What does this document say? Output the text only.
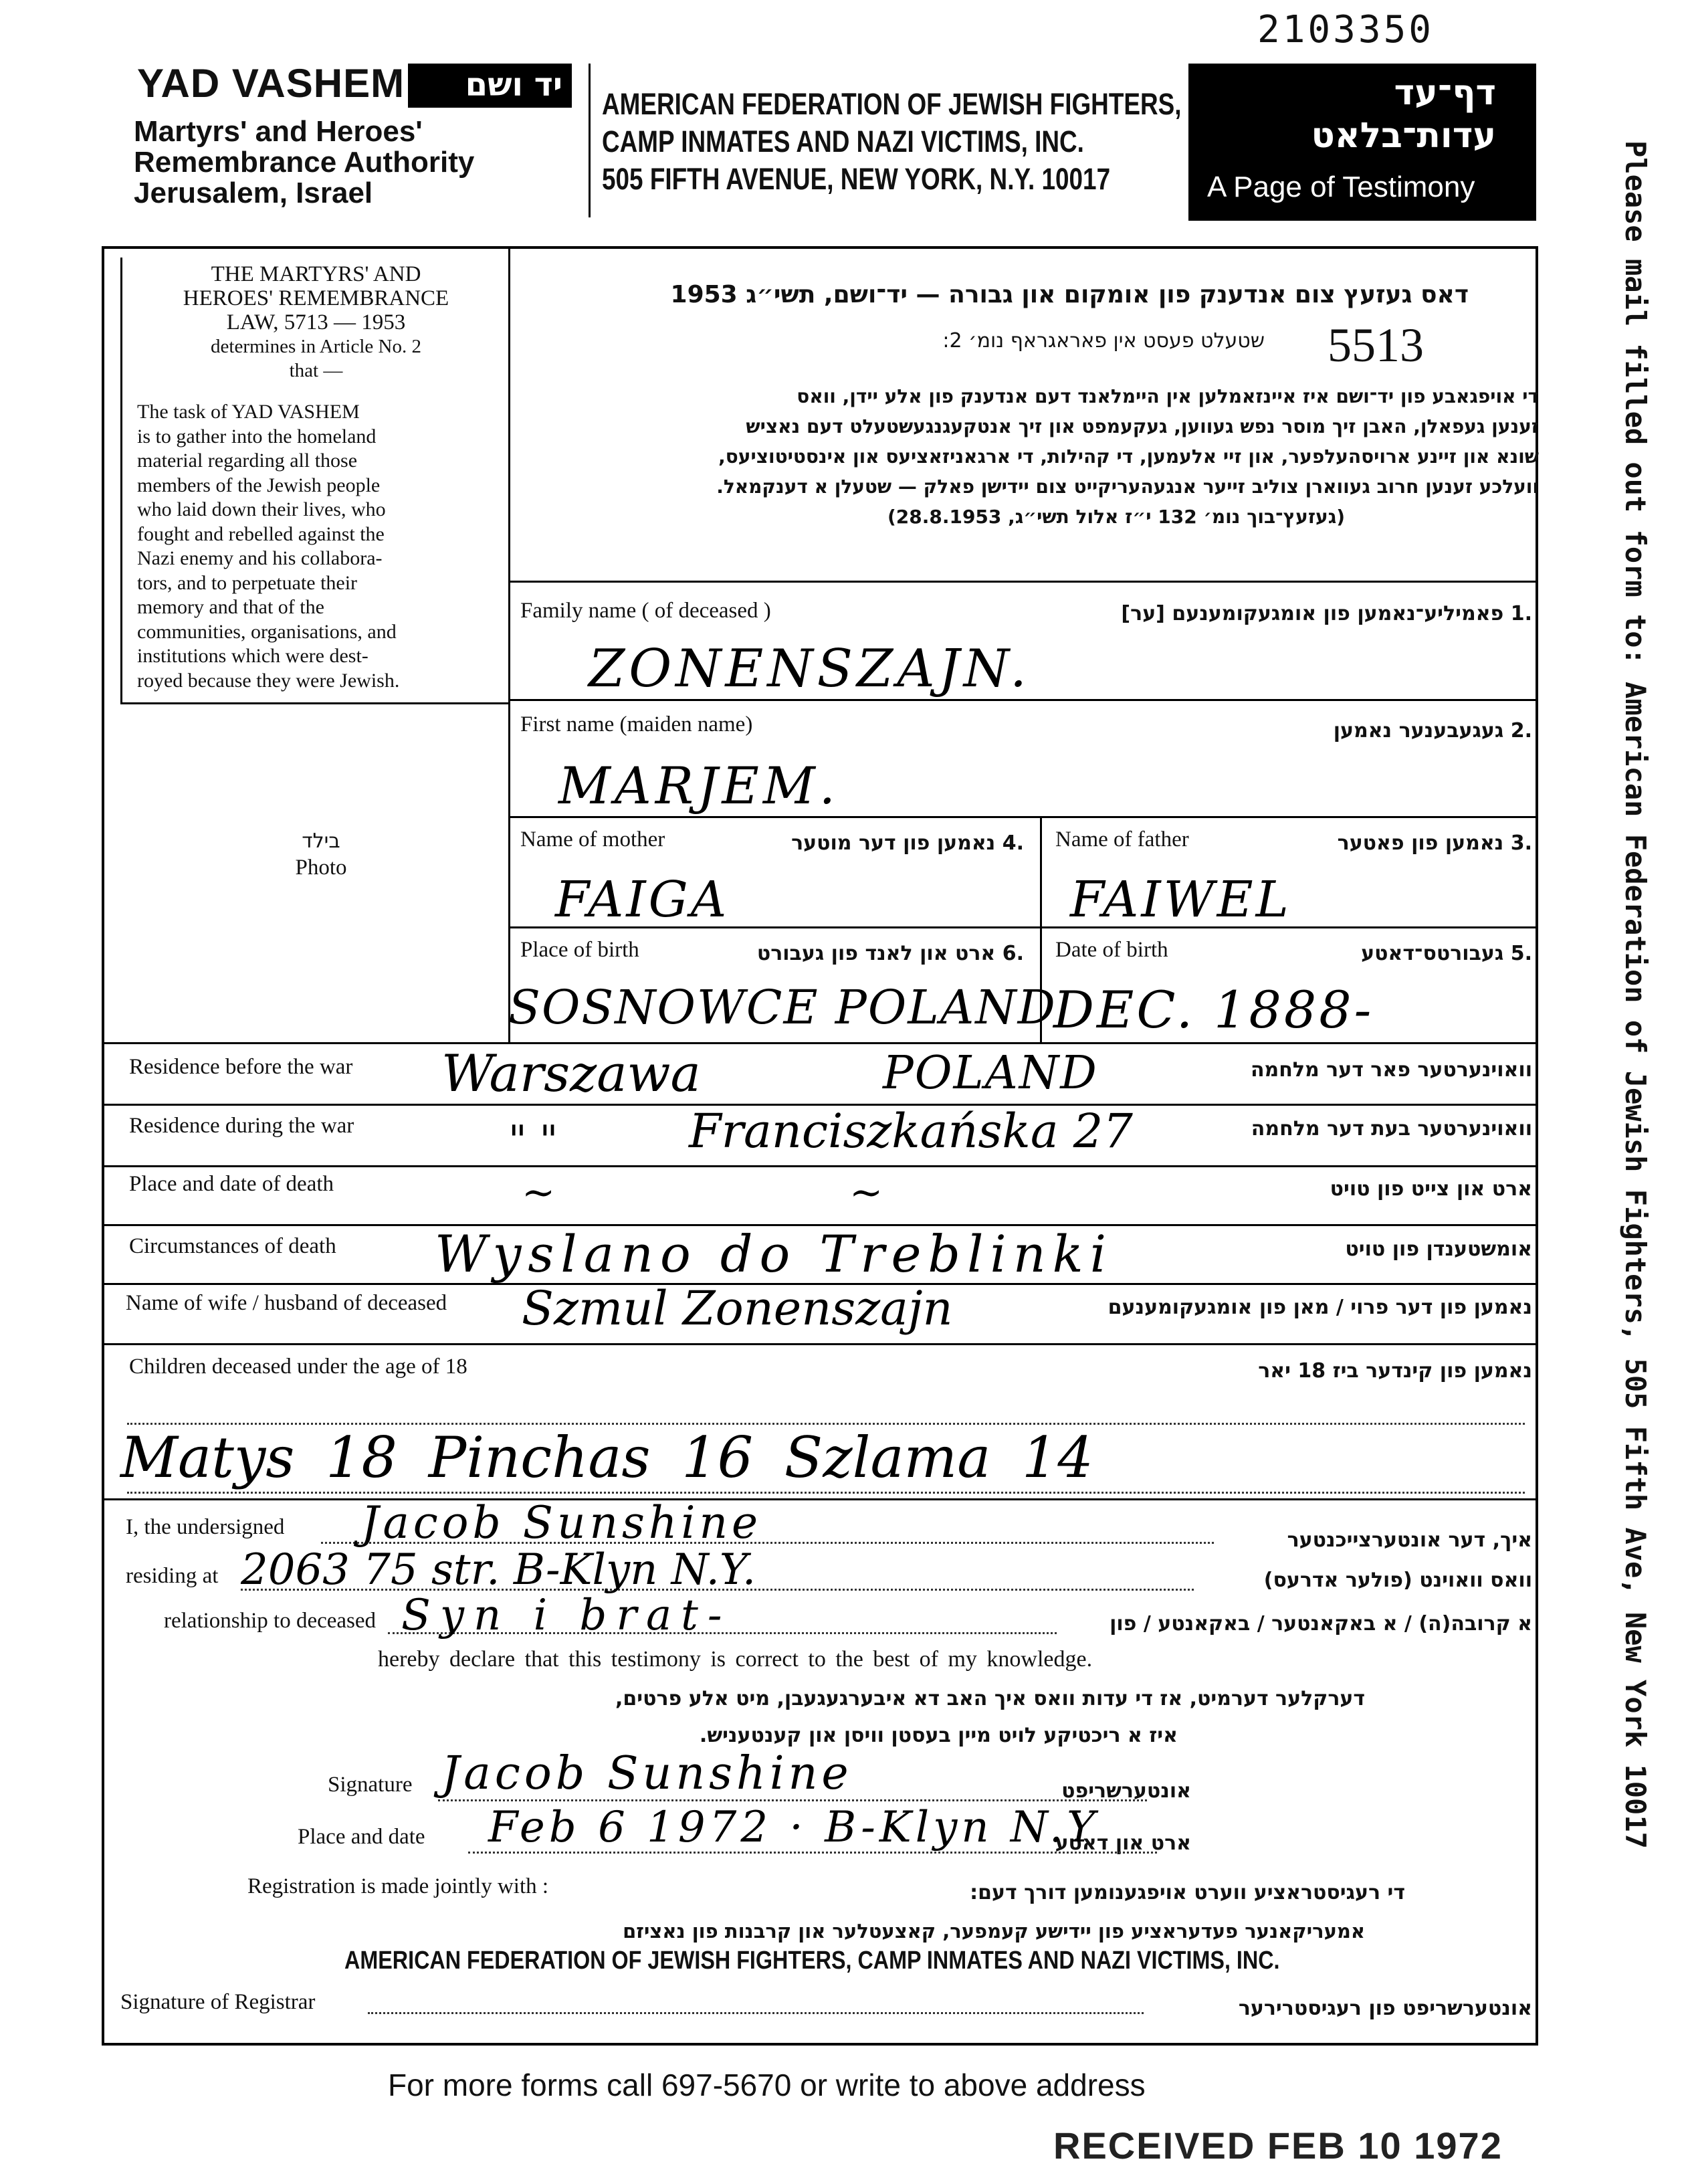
2103350
YAD VASHEM יד ושם
Martyrs' and Heroes'
Remembrance Authority
Jerusalem, Israel
AMERICAN FEDERATION OF JEWISH FIGHTERS,
CAMP INMATES AND NAZI VICTIMS, INC.
505 FIFTH AVENUE, NEW YORK, N.Y. 10017
דף־עד
עדות־בלאט
A Page of Testimony	Please mail filled out form to: American Federation of Jewish Fighters, 505 Fifth Ave, New York 10017
THE MARTYRS' AND
HEROES' REMEMBRANCE
LAW, 5713 — 1953
determines in Article No. 2
that —
The task of YAD VASHEM
is to gather into the homeland
material regarding all those
members of the Jewish people
who laid down their lives, who
fought and rebelled against the
Nazi enemy and his collabora-
tors, and to perpetuate their
memory and that of the
communities, organisations, and
institutions which were dest-
royed because they were Jewish.
בילד
Photo
דאס געזעץ צום אנדענק פון אומקום און גבורה — יד־ושם, תשי״ג 1953
שטעלט פעסט אין פאראגראף נומ׳ 2: 5513
די אויפגאבע פון יד־ושם איז איינזאמלען אין היימלאנד דעם אנדענק פון אלע יידן, וואס
זענען געפאלן, האבן זיך מוסר נפש געווען, געקעמפט און זיך אנטקעגנגעשטעלט דעם נאציש
שונא און זיינע ארויסהעלפער, און זיי אלעמען, די קהילות, די ארגאניזאציעס און אינסטיטוציעס,
וועלכע זענען חרוב געווארן צוליב זייער אנגעהעריקייט צום יידישן פאלק — שטעלן א דענקמאל.
(געזעץ־בוך נומ׳ 132 י״ז אלול תשי״ג, 28.8.1953)
Family name ( of deceased )	.1 פאמיליע־נאמען פון אומגעקומענעם [ער]
ZONENSZAJN.
First name (maiden name)	.2 געגעבענער נאמען
MARJEM.
Name of mother	.4 נאמען פון דער מוטער
FAIGA
Name of father	.3 נאמען פון פאטער
FAIWEL
Place of birth	.6 ארט און לאנד פון געבורט
SOSNOWCE POLAND
Date of birth	.5 געבורטס־דאטע
DEC. 1888-
Residence before the war	וואוינערטער פאר דער מלחמה
Warszawa	POLAND
Residence during the war	וואוינערטער בעת דער מלחמה
" "	Franciszkańska 27
Place and date of death	ארט און צייט פון טויט
~	~
Circumstances of death	אומשטענדן פון טויט
Wyslano do Treblinki
Name of wife / husband of deceased	נאמען פון דער פרוי / מאן פון אומגעקומענעם
Szmul Zonenszajn
Children deceased under the age of 18	נאמען פון קינדער ביז 18 יאר
Matys 18 Pinchas 16 Szlama 14
I, the undersigned
איך, דער אונטערצייכנטער
Jacob Sunshine
residing at	וואס וואוינט (פולער אדרעס)
2063 75 str. B-Klyn N.Y.
relationship to deceased	א קרובה(ה) / א באקאנטער / באקאנטע / פון
Syn i brat-
hereby declare that this testimony is correct to the best of my knowledge.
דערקלער דערמיט, אז די עדות וואס איך האב דא איבערגעגעבן, מיט אלע פרטים,
איז א ריכטיקע לויט מיין בעסטן וויסן און קענטעניש.
Signature	אונטערשריפט
Jacob Sunshine
Place and date	ארט און דאטע
Feb 6 1972 · B-Klyn N.Y
Registration is made jointly with :	די רעגיסטראציע ווערט אויפגענומען דורך דעם:
אמעריקאנער פעדעראציע פון יידישע קעמפער, קאצעטלער און קרבנות פון נאציזם
AMERICAN FEDERATION OF JEWISH FIGHTERS, CAMP INMATES AND NAZI VICTIMS, INC.
Signature of Registrar	אונטערשריפט פון רעגיסטרירער
For more forms call 697-5670 or write to above address
RECEIVED FEB 10 1972
